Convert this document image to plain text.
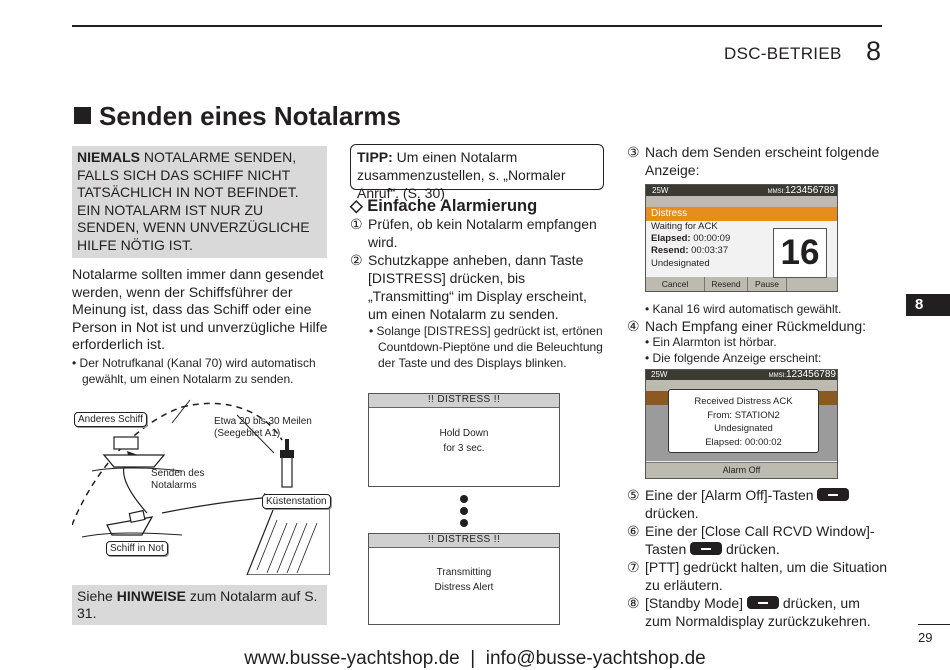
DSC-BETRIEB 8
Senden eines Notalarms
NIEMALS NOTALARME SENDEN, FALLS SICH DAS SCHIFF NICHT TATSÄCHLICH IN NOT BEFINDET. EIN NOTALARM IST NUR ZU SENDEN, WENN UNVERZÜGLICHE HILFE NÖTIG IST.
Notalarme sollten immer dann gesendet werden, wenn der Schiffsführer der Meinung ist, dass das Schiff oder eine Person in Not ist und unverzügliche Hilfe erforderlich ist.
• Der Notrufkanal (Kanal 70) wird automatisch gewählt, um einen Notalarm zu senden.
Anderes Schiff	Etwa 20 bis 30 Meilen
(Seegebiet A1)
Senden des
Notalarms
Küstenstation
Schiff in Not
Siehe HINWEISE zum Notalarm auf S. 31.
TIPP: Um einen Notalarm zusammenzustellen, s. „Normaler Anruf“. (S. 30)
◇ Einfache Alarmierung
① Prüfen, ob kein Notalarm empfangen wird.
② Schutzkappe anheben, dann Taste [DISTRESS] drücken, bis „Transmitting“ im Display erscheint, um einen Notalarm zu senden.
• Solange [DISTRESS] gedrückt ist, ertönen Countdown-Pieptöne und die Beleuchtung der Taste und des Displays blinken.
!! DISTRESS !!
Hold Down
for 3 sec.
!! DISTRESS !!
Transmitting
Distress Alert
③ Nach dem Senden erscheint folgende Anzeige:
25W	MMSI:123456789
Distress
Waiting for ACK
Elapsed: 00:00:09
Resend: 00:03:37
Undesignated	16
Cancel	Resend	Pause
• Kanal 16 wird automatisch gewählt.
④ Nach Empfang einer Rückmeldung:
• Ein Alarmton ist hörbar.
• Die folgende Anzeige erscheint:
25W	MMSI:123456789
Received Distress ACK
From: STATION2
Undesignated
Elapsed: 00:00:02
Alarm Off
⑤ Eine der [Alarm Off]-Tasten
drücken.
⑥ Eine der [Close Call RCVD Window]-Tasten	drücken.
⑦ [PTT] gedrückt halten, um die Situation zu erläutern.
⑧ [Standby Mode]	drücken, um zum Normaldisplay zurückzukehren.
8
29
www.busse-yachtshop.de  |  info@busse-yachtshop.de
